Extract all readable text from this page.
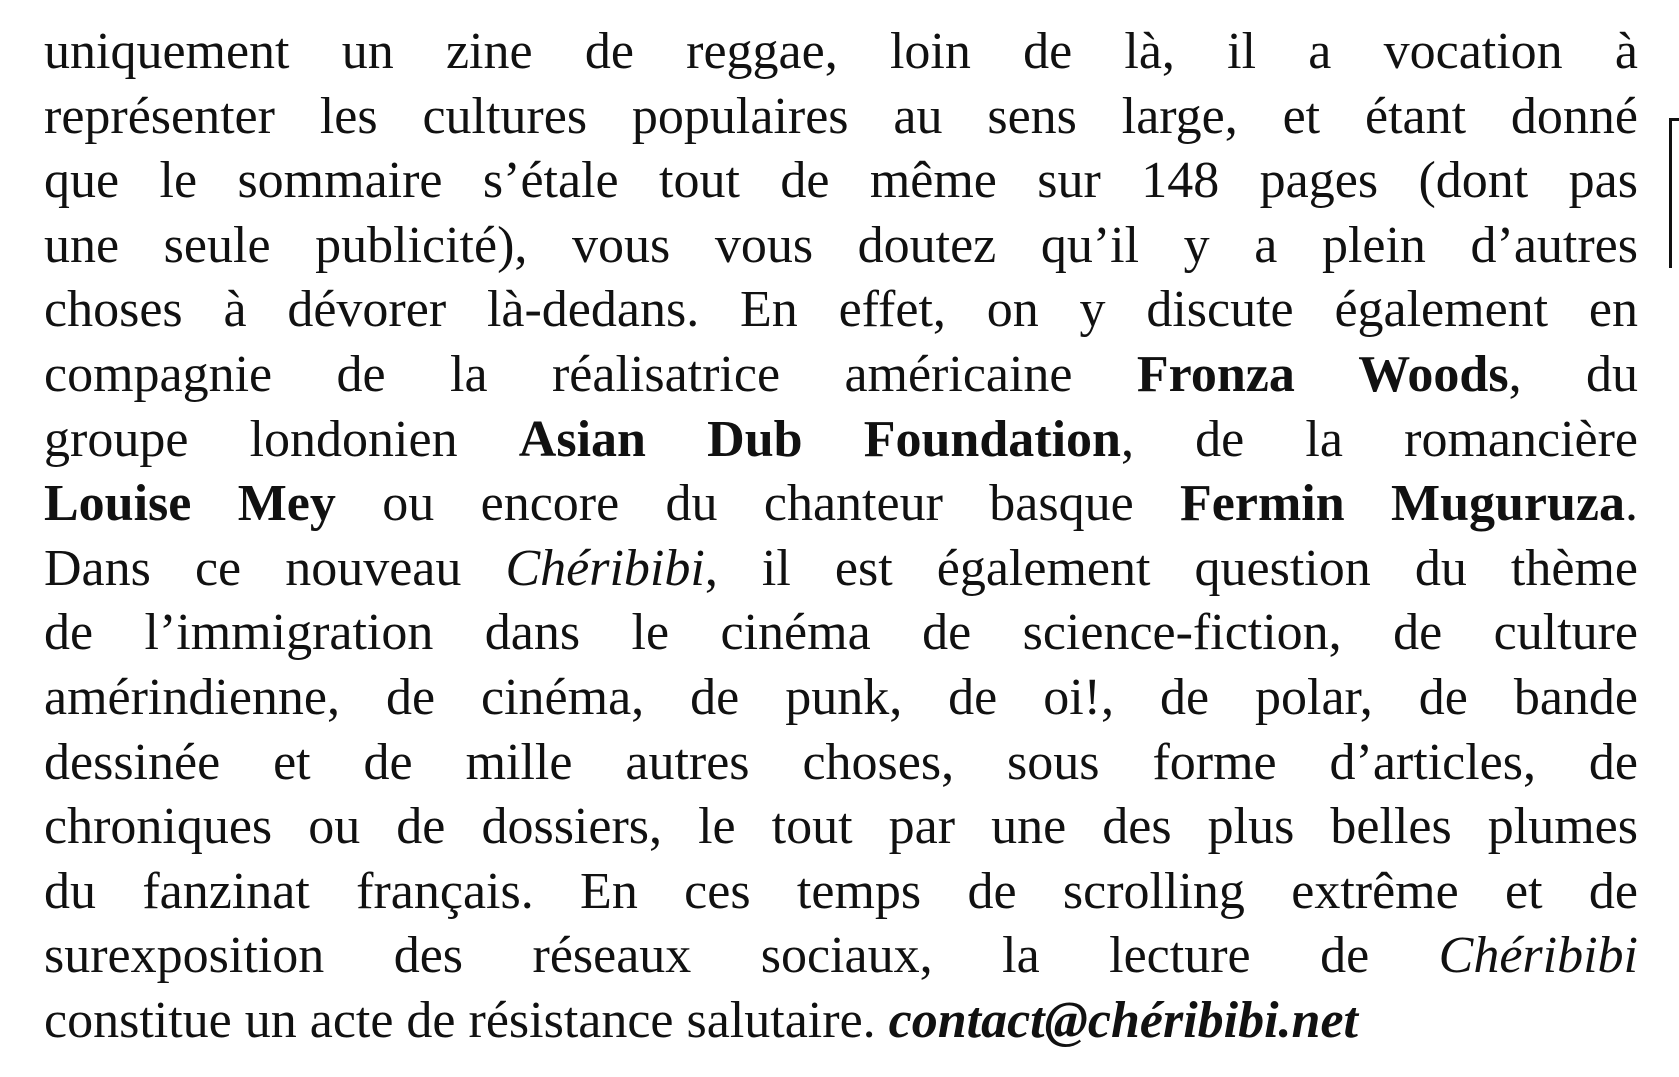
uniquement un zine de reggae, loin de là, il a vocation à
représenter les cultures populaires au sens large, et étant donné
que le sommaire s’étale tout de même sur 148 pages (dont pas
une seule publicité), vous vous doutez qu’il y a plein d’autres
choses à dévorer là-dedans. En effet, on y discute également en
compagnie de la réalisatrice américaine Fronza Woods, du
groupe londonien Asian Dub Foundation, de la romancière
Louise Mey ou encore du chanteur basque Fermin Muguruza.
Dans ce nouveau Chéribibi, il est également question du thème
de l’immigration dans le cinéma de science-fiction, de culture
amérindienne, de cinéma, de punk, de oi!, de polar, de bande
dessinée et de mille autres choses, sous forme d’articles, de
chroniques ou de dossiers, le tout par une des plus belles plumes
du fanzinat français. En ces temps de scrolling extrême et de
surexposition des réseaux sociaux, la lecture de Chéribibi
constitue un acte de résistance salutaire. contact@chéribibi.net
